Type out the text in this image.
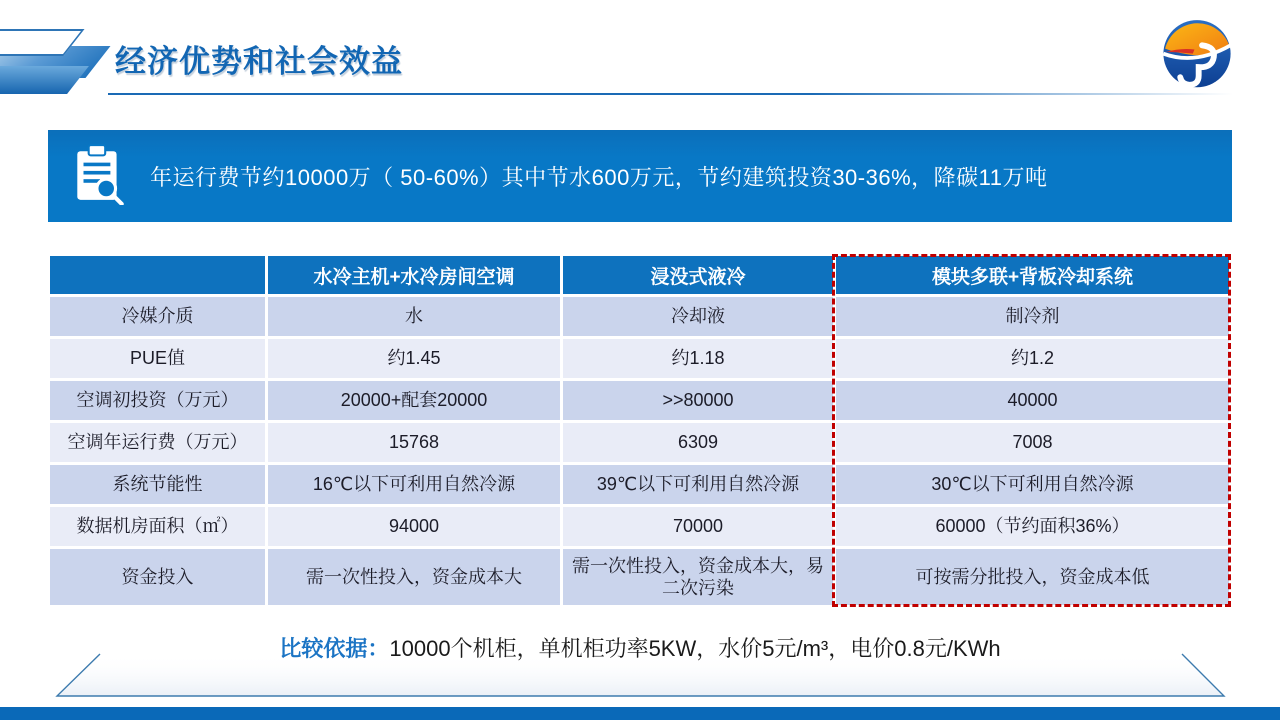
经济优势和社会效益
年运行费节约10000万（ 50-60%）其中节水600万元，节约建筑投资30-36%，降碳11万吨
	水冷主机+水冷房间空调	浸没式液冷	模块多联+背板冷却系统
冷媒介质	水	冷却液	制冷剂
PUE值	约1.45	约1.18	约1.2
空调初投资（万元）	20000+配套20000	>>80000	40000
空调年运行费（万元）	15768	6309	7008
系统节能性	16℃以下可利用自然冷源	39℃以下可利用自然冷源	30℃以下可利用自然冷源
数据机房面积（㎡）	94000	70000	60000（节约面积36%）
资金投入	需一次性投入，资金成本大	需一次性投入，资金成本大，易二次污染	可按需分批投入，资金成本低
比较依据：10000个机柜，单机柜功率5KW，水价5元/m³，电价0.8元/KWh
